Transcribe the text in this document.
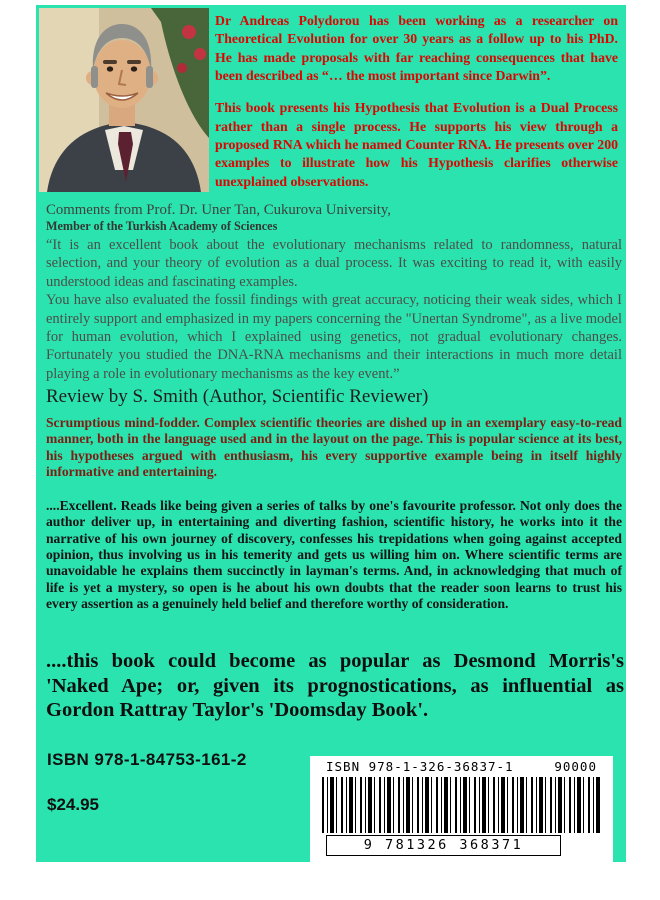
Dr Andreas Polydorou has been working as a researcher on Theoretical Evolution for over 30 years as a follow up to his PhD. He has made proposals with far reaching consequences that have been described as “… the most important since Darwin”.

This book presents his Hypothesis that Evolution is a Dual Process rather than a single process. He supports his view through a proposed RNA which he named Counter RNA. He presents over 200 examples to illustrate how his Hypothesis clarifies otherwise unexplained observations.

Comments from Prof. Dr. Uner Tan, Cukurova University,
Member of the Turkish Academy of Sciences

“It is an excellent book about the evolutionary mechanisms related to randomness, natural selection, and your theory of evolution as a dual process. It was exciting to read it, with easily understood ideas and fascinating examples.

You have also evaluated the fossil findings with great accuracy, noticing their weak sides, which I entirely support and emphasized in my papers concerning the "Unertan Syndrome", as a live model for human evolution, which I explained using genetics, not gradual evolutionary changes. Fortunately you studied the DNA-RNA mechanisms and their interactions in much more detail playing a role in evolutionary mechanisms as the key event.”

Review by S. Smith (Author, Scientific Reviewer)
Scrumptious mind-fodder. Complex scientific theories are dished up in an exemplary easy-to-read manner, both in the language used and in the layout on the page. This is popular science at its best, his hypotheses argued with enthusiasm, his every supportive example being in itself highly informative and entertaining.
....Excellent. Reads like being given a series of talks by one's favourite professor. Not only does the author deliver up, in entertaining and diverting fashion, scientific history, he works into it the narrative of his own journey of discovery, confesses his trepidations when going against accepted opinion, thus involving us in his temerity and gets us willing him on. Where scientific terms are unavoidable he explains them succinctly in layman's terms. And, in acknowledging that much of life is yet a mystery, so open is he about his own doubts that the reader soon learns to trust his every assertion as a genuinely held belief and therefore worthy of consideration.
....this book could become as popular as Desmond Morris's 'Naked Ape; or, given its prognostications, as influential as Gordon Rattray Taylor's 'Doomsday Book'.
ISBN 978-1-84753-161-2
$24.95
ISBN 978-1-326-36837-1	90000
9 781326 368371
